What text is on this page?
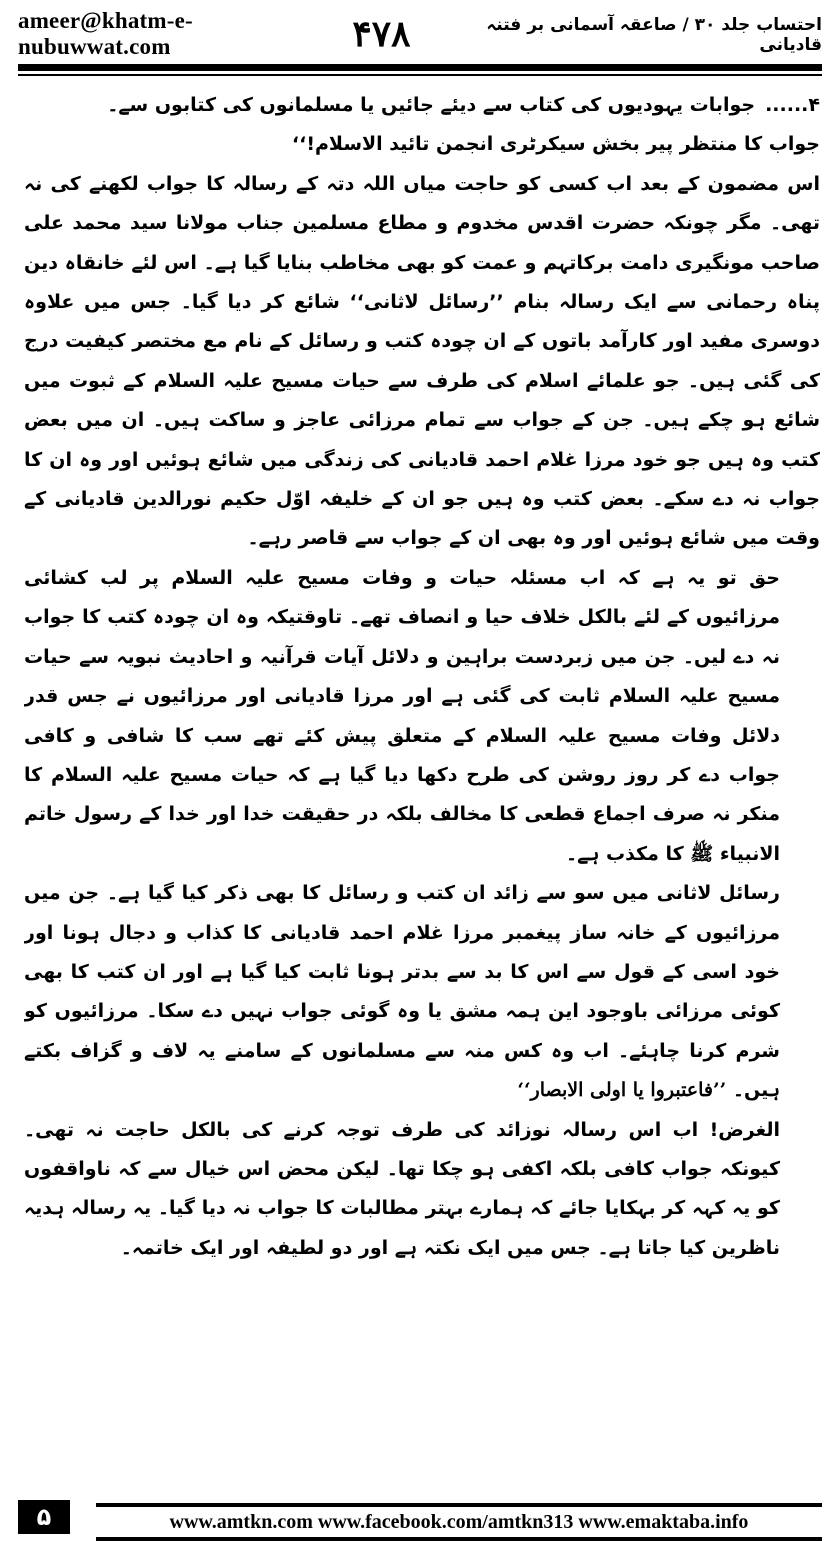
ameer@khatm-e-nubuwwat.com	۴۷۸	احتساب جلد ۳۰ / صاعقہ آسمانی بر فتنہ قادیانی

۴......جوابات یہودیوں کی کتاب سے دیئے جائیں یا مسلمانوں کی کتابوں سے۔

جواب کا منتظر پیر بخش سیکرٹری انجمن تائید الاسلام!‘‘

اس مضمون کے بعد اب کسی کو حاجت میاں اللہ دتہ کے رسالہ کا جواب لکھنے کی نہ تھی۔ مگر چونکہ حضرت اقدس مخدوم و مطاع مسلمین جناب مولانا سید محمد علی صاحب مونگیری دامت برکاتہم و عمت کو بھی مخاطب بنایا گیا ہے۔ اس لئے خانقاہ دین پناہ رحمانی سے ایک رسالہ بنام ’’رسائل لاثانی‘‘ شائع کر دیا گیا۔ جس میں علاوہ دوسری مفید اور کارآمد باتوں کے ان چودہ کتب و رسائل کے نام مع مختصر کیفیت درج کی گئی ہیں۔ جو علمائے اسلام کی طرف سے حیات مسیح علیہ السلام کے ثبوت میں شائع ہو چکے ہیں۔ جن کے جواب سے تمام مرزائی عاجز و ساکت ہیں۔ ان میں بعض کتب وہ ہیں جو خود مرزا غلام احمد قادیانی کی زندگی میں شائع ہوئیں اور وہ ان کا جواب نہ دے سکے۔ بعض کتب وہ ہیں جو ان کے خلیفہ اوّل حکیم نورالدین قادیانی کے وقت میں شائع ہوئیں اور وہ بھی ان کے جواب سے قاصر رہے۔

حق تو یہ ہے کہ اب مسئلہ حیات و وفات مسیح علیہ السلام پر لب کشائی مرزائیوں کے لئے بالکل خلاف حیا و انصاف تھے۔ تاوقتیکہ وہ ان چودہ کتب کا جواب نہ دے لیں۔ جن میں زبردست براہین و دلائل آیات قرآنیہ و احادیث نبویہ سے حیات مسیح علیہ السلام ثابت کی گئی ہے اور مرزا قادیانی اور مرزائیوں نے جس قدر دلائل وفات مسیح علیہ السلام کے متعلق پیش کئے تھے سب کا شافی و کافی جواب دے کر روز روشن کی طرح دکھا دیا گیا ہے کہ حیات مسیح علیہ السلام کا منکر نہ صرف اجماع قطعی کا مخالف بلکہ در حقیقت خدا اور خدا کے رسول خاتم الانبیاء ﷺ کا مکذب ہے۔

رسائل لاثانی میں سو سے زائد ان کتب و رسائل کا بھی ذکر کیا گیا ہے۔ جن میں مرزائیوں کے خانہ ساز پیغمبر مرزا غلام احمد قادیانی کا کذاب و دجال ہونا اور خود اسی کے قول سے اس کا بد سے بدتر ہونا ثابت کیا گیا ہے اور ان کتب کا بھی کوئی مرزائی باوجود این ہمہ مشق یا وہ گوئی جواب نہیں دے سکا۔ مرزائیوں کو شرم کرنا چاہئے۔ اب وہ کس منہ سے مسلمانوں کے سامنے یہ لاف و گزاف بکتے ہیں۔ ’’فاعتبروا یا اولی الابصار‘‘

الغرض! اب اس رسالہ نوزائد کی طرف توجہ کرنے کی بالکل حاجت نہ تھی۔ کیونکہ جواب کافی بلکہ اکفی ہو چکا تھا۔ لیکن محض اس خیال سے کہ ناواقفوں کو یہ کہہ کر بہکایا جائے کہ ہمارے بہتر مطالبات کا جواب نہ دیا گیا۔ یہ رسالہ ہدیہ ناظرین کیا جاتا ہے۔ جس میں ایک نکتہ ہے اور دو لطیفہ اور ایک خاتمہ۔

۵	www.amtkn.com www.facebook.com/amtkn313 www.emaktaba.info
